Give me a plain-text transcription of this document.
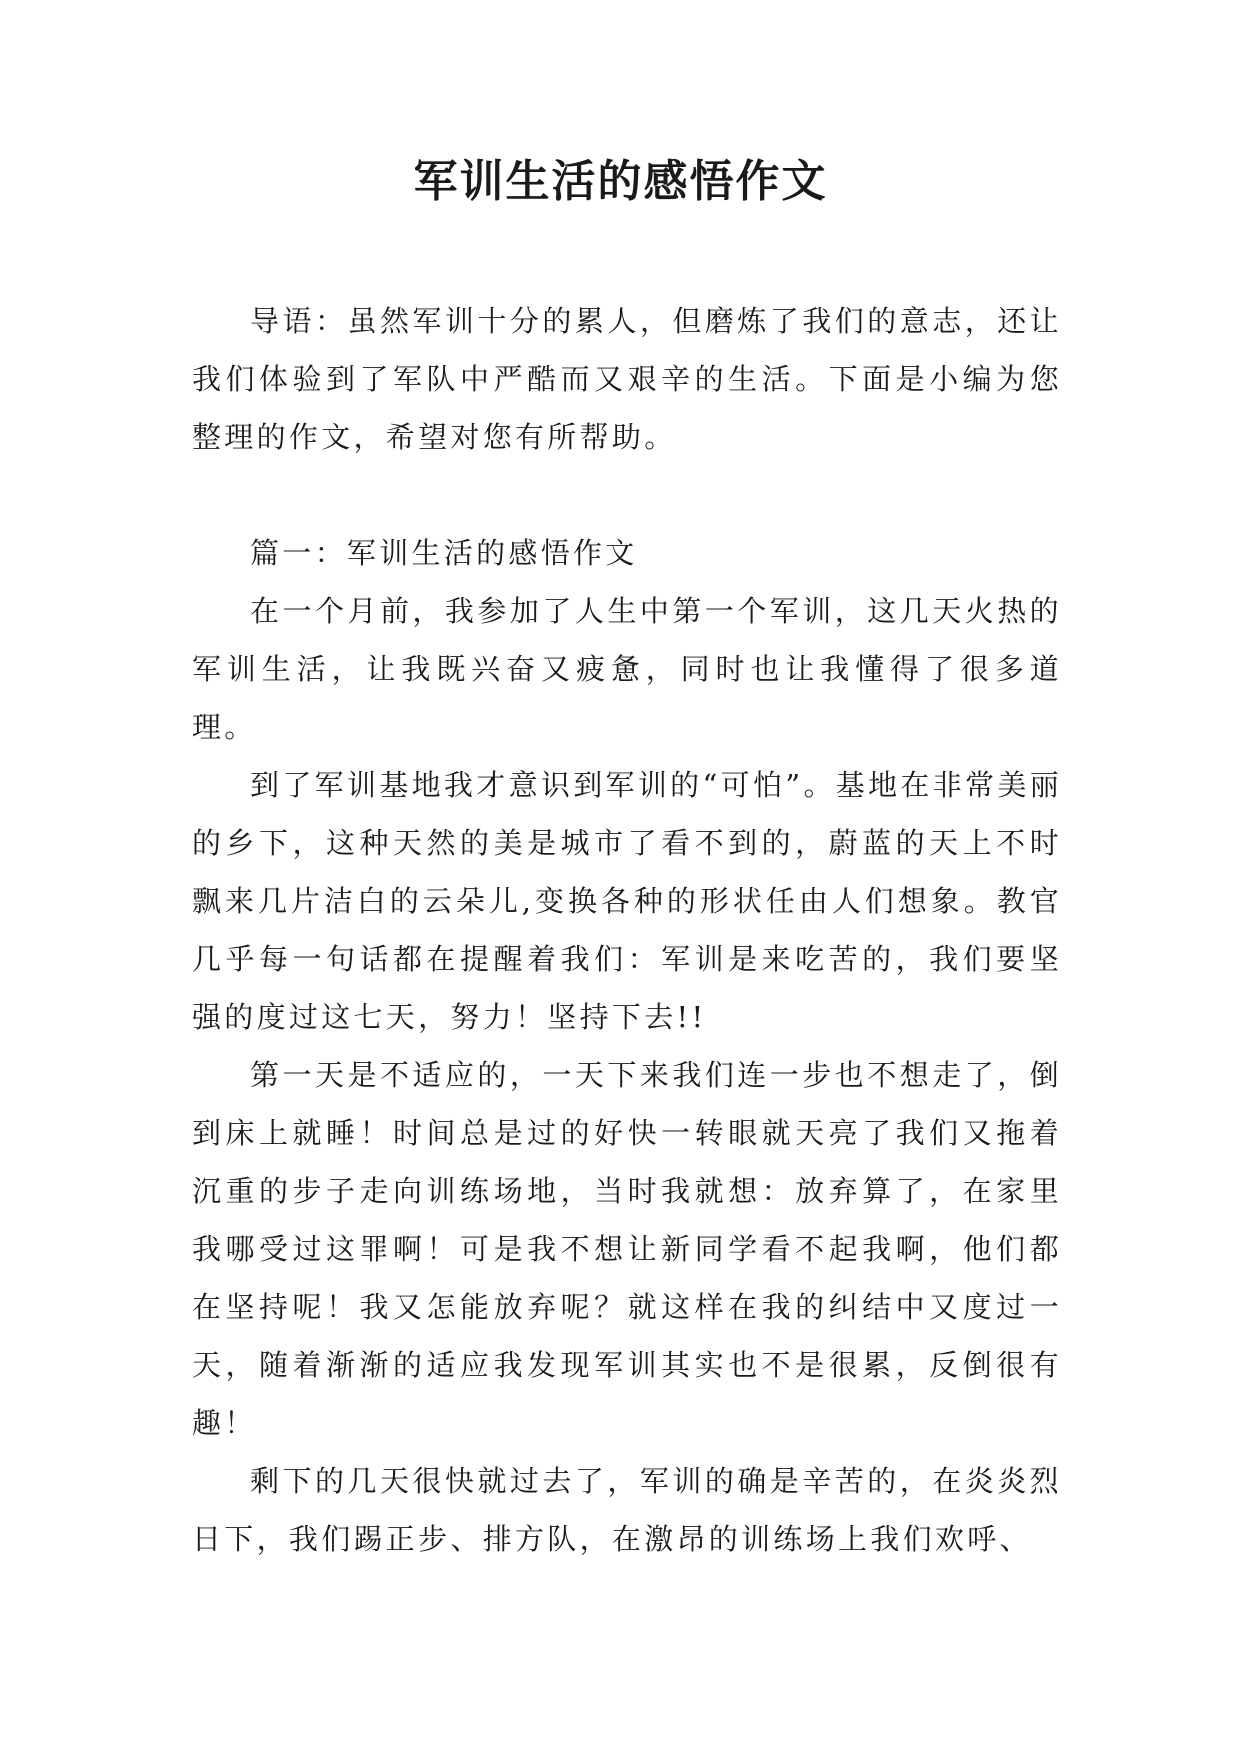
军训生活的感悟作文

导语：虽然军训十分的累人，但磨炼了我们的意志，还让我们体验到了军队中严酷而又艰辛的生活。下面是小编为您整理的作文，希望对您有所帮助。

篇一：军训生活的感悟作文

在一个月前，我参加了人生中第一个军训，这几天火热的军训生活，让我既兴奋又疲惫，同时也让我懂得了很多道理。

到了军训基地我才意识到军训的“可怕”。基地在非常美丽的乡下，这种天然的美是城市了看不到的，蔚蓝的天上不时飘来几片洁白的云朵儿,变换各种的形状任由人们想象。教官几乎每一句话都在提醒着我们：军训是来吃苦的，我们要坚强的度过这七天，努力！坚持下去!!

第一天是不适应的，一天下来我们连一步也不想走了，倒到床上就睡！时间总是过的好快一转眼就天亮了我们又拖着沉重的步子走向训练场地，当时我就想：放弃算了，在家里我哪受过这罪啊！可是我不想让新同学看不起我啊，他们都在坚持呢！我又怎能放弃呢？就这样在我的纠结中又度过一天，随着渐渐的适应我发现军训其实也不是很累，反倒很有趣！

剩下的几天很快就过去了，军训的确是辛苦的，在炎炎烈日下，我们踢正步、排方队，在激昂的训练场上我们欢呼、
